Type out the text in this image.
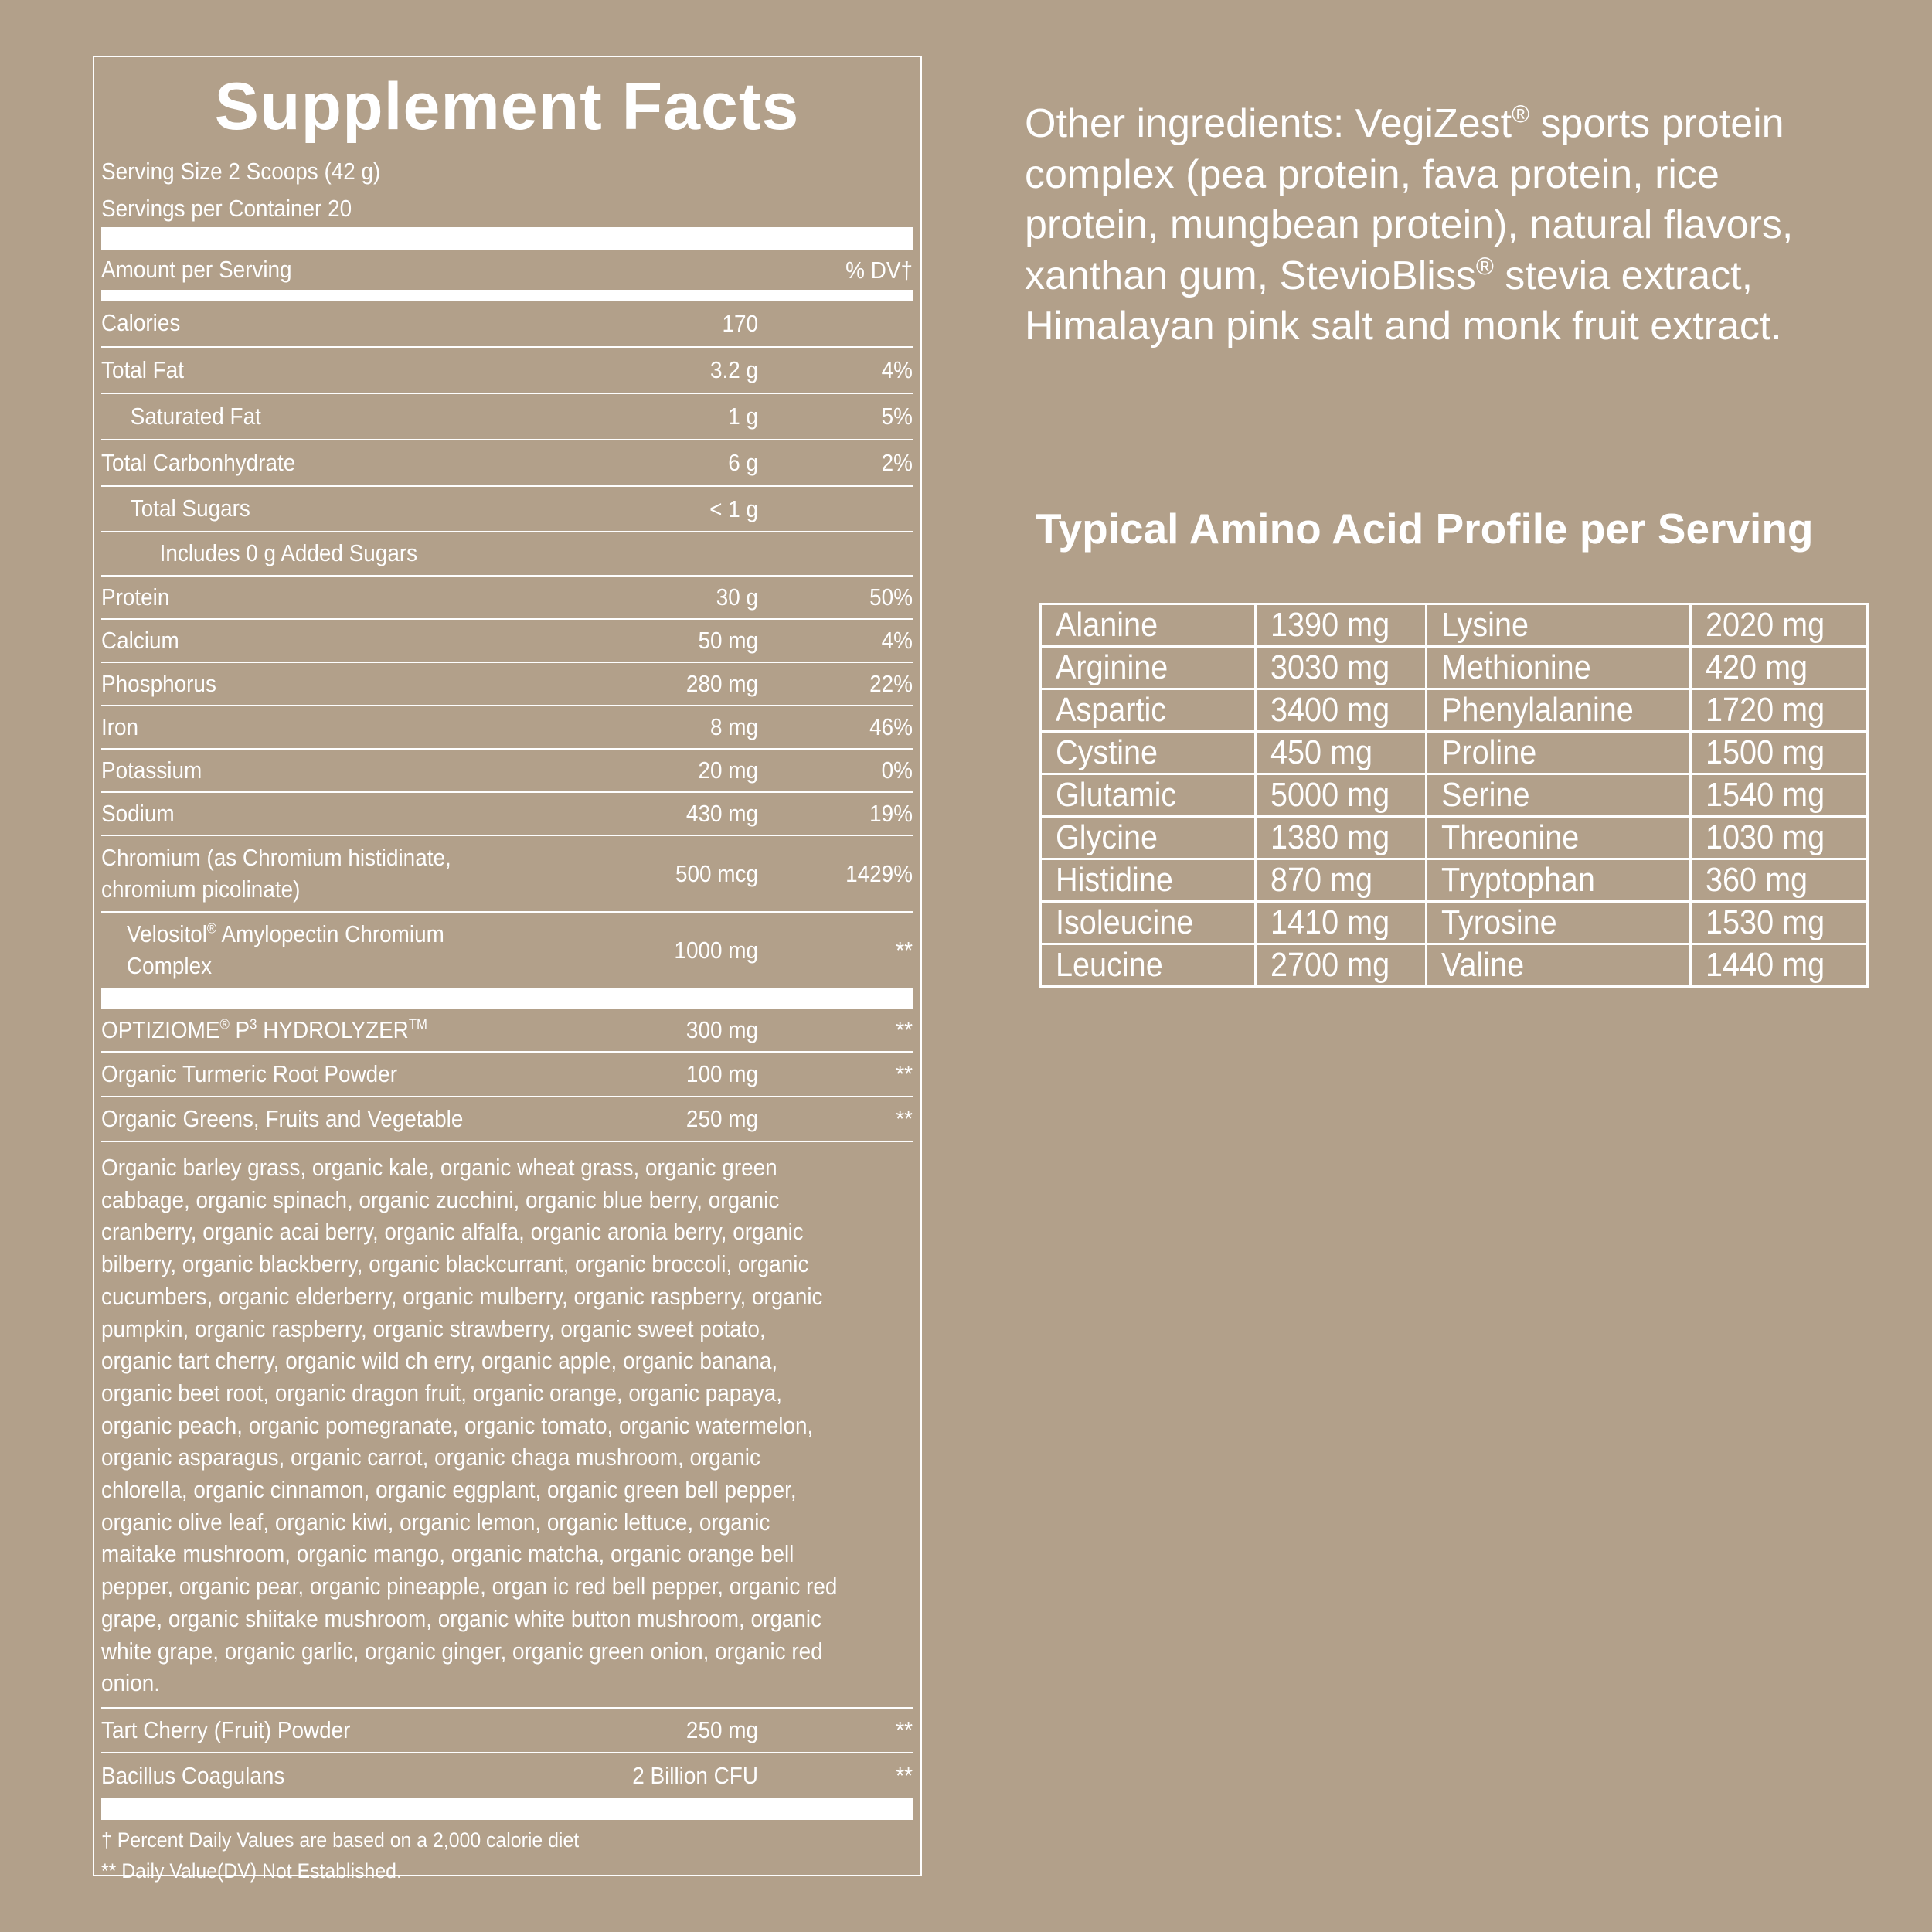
Supplement Facts
Serving Size 2 Scoops (42 g)
Servings per Container 20
Amount per Serving	% DV†
Calories	170
Total Fat	3.2 g	4%
Saturated Fat	1 g	5%
Total Carbonhydrate	6 g	2%
Total Sugars	< 1 g
Includes 0 g Added Sugars
Protein	30 g	50%
Calcium	50 mg	4%
Phosphorus	280 mg	22%
Iron	8 mg	46%
Potassium	20 mg	0%
Sodium	430 mg	19%
Chromium (as Chromium histidinate,
chromium picolinate)
500 mcg	1429%
Velositol® Amylopectin Chromium
Complex
1000 mg	**
OPTIZIOME® $P^3$ HYDROLYZER™	300 mg	**
Organic Turmeric Root Powder	100 mg	**
Organic Greens, Fruits and Vegetable	250 mg	**
Organic barley grass, organic kale, organic wheat grass, organic green
cabbage, organic spinach, organic zucchini, organic blue berry, organic
cranberry, organic acai berry, organic alfalfa, organic aronia berry, organic
bilberry, organic blackberry, organic blackcurrant, organic broccoli, organic
cucumbers, organic elderberry, organic mulberry, organic raspberry, organic
pumpkin, organic raspberry, organic strawberry, organic sweet potato,
organic tart cherry, organic wild ch erry, organic apple, organic banana,
organic beet root, organic dragon fruit, organic orange, organic papaya,
organic peach, organic pomegranate, organic tomato, organic watermelon,
organic asparagus, organic carrot, organic chaga mushroom, organic
chlorella, organic cinnamon, organic eggplant, organic green bell pepper,
organic olive leaf, organic kiwi, organic lemon, organic lettuce, organic
maitake mushroom, organic mango, organic matcha, organic orange bell
pepper, organic pear, organic pineapple, organ ic red bell pepper, organic red
grape, organic shiitake mushroom, organic white button mushroom, organic
white grape, organic garlic, organic ginger, organic green onion, organic red
onion.
Tart Cherry (Fruit) Powder	250 mg	**
Bacillus Coagulans	2 Billion CFU	**
† Percent Daily Values are based on a 2,000 calorie diet
** Daily Value(DV) Not Established.
Other ingredients: VegiZest® sports protein
complex (pea protein, fava protein, rice
protein, mungbean protein), natural flavors,
xanthan gum, StevioBliss® stevia extract,
Himalayan pink salt and monk fruit extract.
Typical Amino Acid Profile per Serving
Alanine	1390 mg	Lysine	2020 mg
Arginine	3030 mg	Methionine	420 mg
Aspartic	3400 mg	Phenylalanine	1720 mg
Cystine	450 mg	Proline	1500 mg
Glutamic	5000 mg	Serine	1540 mg
Glycine	1380 mg	Threonine	1030 mg
Histidine	870 mg	Tryptophan	360 mg
Isoleucine	1410 mg	Tyrosine	1530 mg
Leucine	2700 mg	Valine	1440 mg
